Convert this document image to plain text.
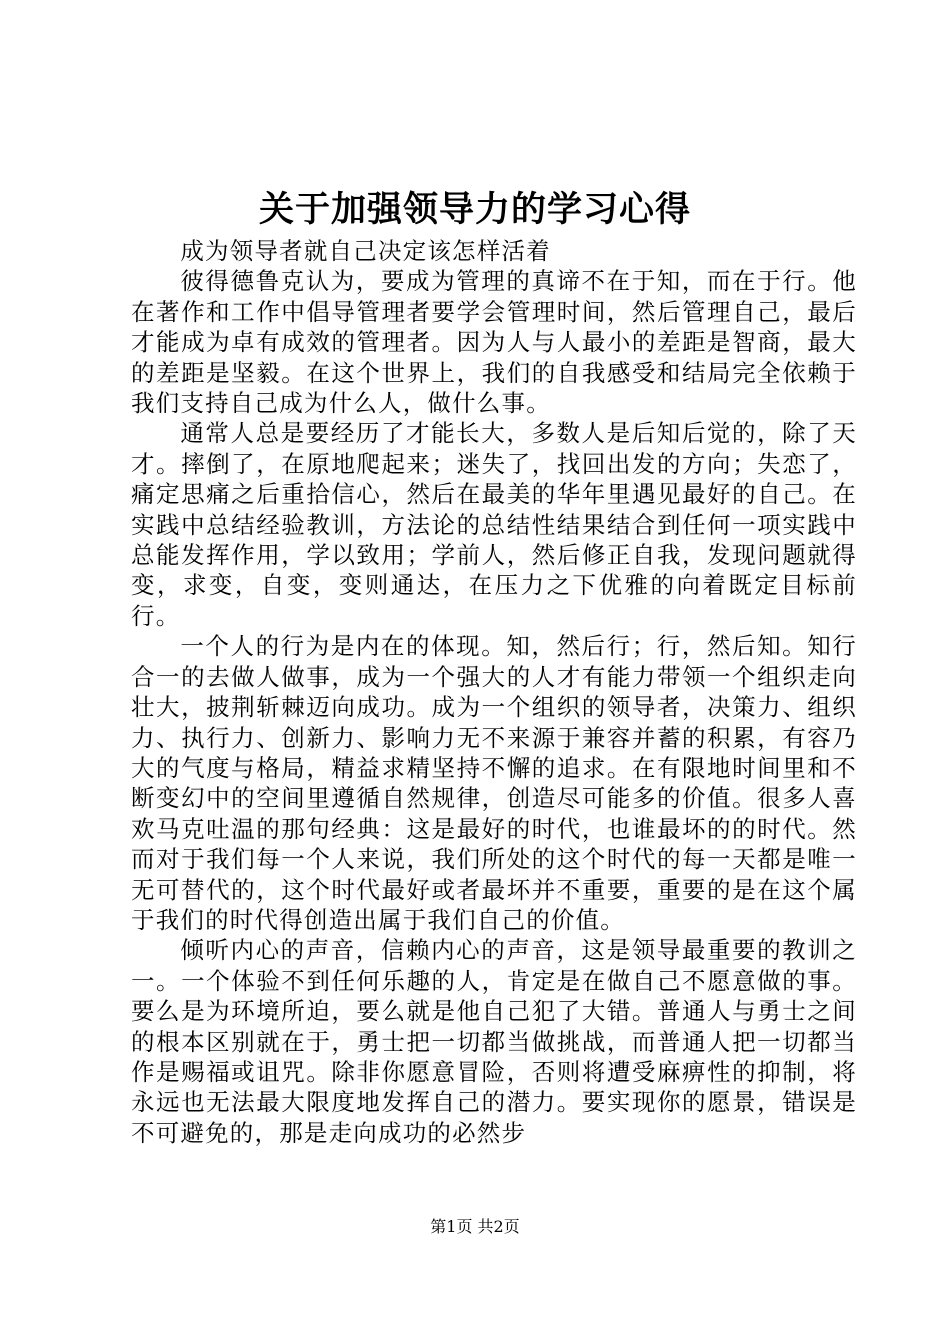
关于加强领导力的学习心得

成为领导者就自己决定该怎样活着

彼得德鲁克认为，要成为管理的真谛不在于知，而在于行。他在著作和工作中倡导管理者要学会管理时间，然后管理自己，最后才能成为卓有成效的管理者。因为人与人最小的差距是智商，最大的差距是坚毅。在这个世界上，我们的自我感受和结局完全依赖于我们支持自己成为什么人，做什么事。

通常人总是要经历了才能长大，多数人是后知后觉的，除了天才。摔倒了，在原地爬起来；迷失了，找回出发的方向；失恋了，痛定思痛之后重拾信心，然后在最美的华年里遇见最好的自己。在实践中总结经验教训，方法论的总结性结果结合到任何一项实践中总能发挥作用，学以致用；学前人，然后修正自我，发现问题就得变，求变，自变，变则通达，在压力之下优雅的向着既定目标前行。

一个人的行为是内在的体现。知，然后行；行，然后知。知行合一的去做人做事，成为一个强大的人才有能力带领一个组织走向壮大，披荆斩棘迈向成功。成为一个组织的领导者，决策力、组织力、执行力、创新力、影响力无不来源于兼容并蓄的积累，有容乃大的气度与格局，精益求精坚持不懈的追求。在有限地时间里和不断变幻中的空间里遵循自然规律，创造尽可能多的价值。很多人喜欢马克吐温的那句经典：这是最好的时代，也谁最坏的的时代。然而对于我们每一个人来说，我们所处的这个时代的每一天都是唯一无可替代的，这个时代最好或者最坏并不重要，重要的是在这个属于我们的时代得创造出属于我们自己的价值。

倾听内心的声音，信赖内心的声音，这是领导最重要的教训之一。一个体验不到任何乐趣的人，肯定是在做自己不愿意做的事。要么是为环境所迫，要么就是他自己犯了大错。普通人与勇士之间的根本区别就在于，勇士把一切都当做挑战，而普通人把一切都当作是赐福或诅咒。除非你愿意冒险，否则将遭受麻痹性的抑制，将永远也无法最大限度地发挥自己的潜力。要实现你的愿景，错误是不可避免的，那是走向成功的必然步

第1页 共2页
